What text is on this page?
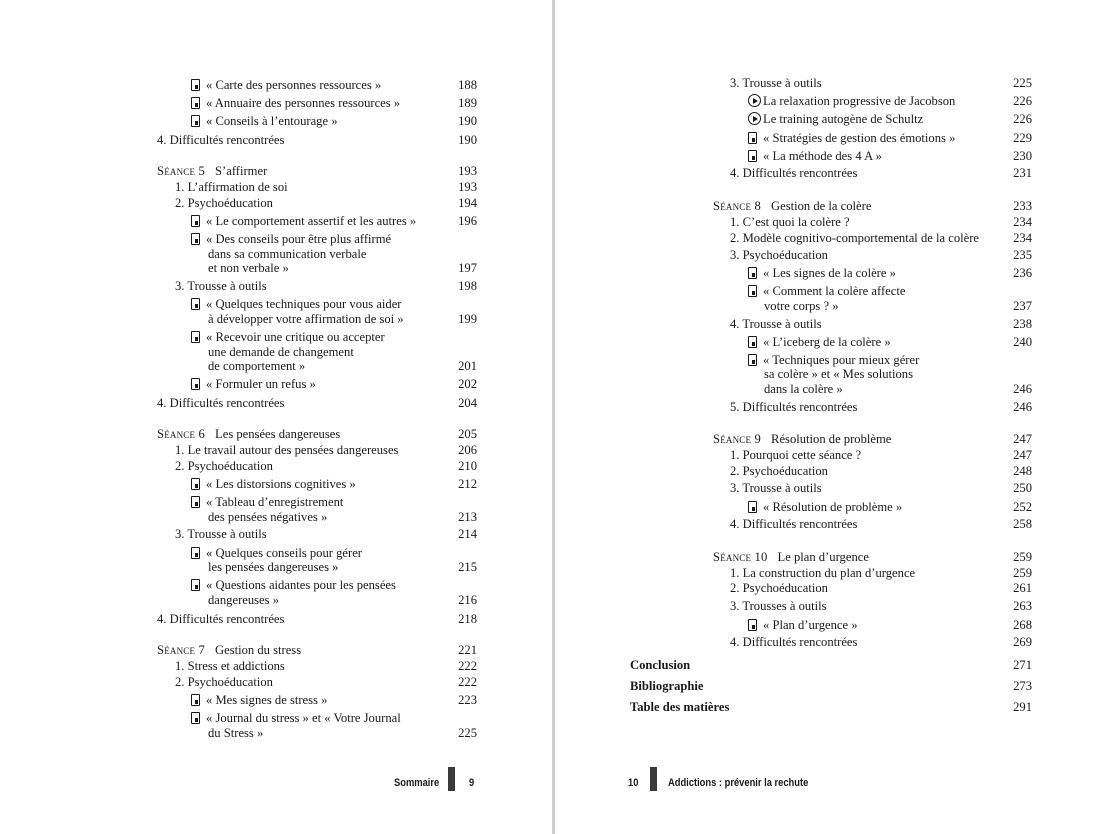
« Carte des personnes ressources »	188
« Annuaire des personnes ressources »	189
« Conseils à l’entourage »	190
4. Difficultés rencontrées	190
Séance 5 S’affirmer	193
1. L’affirmation de soi	193
2. Psychoéducation	194
« Le comportement assertif et les autres »	196
« Des conseils pour être plus affirmé
dans sa communication verbale
et non verbale »	197
3. Trousse à outils	198
« Quelques techniques pour vous aider
à développer votre affirmation de soi »	199
« Recevoir une critique ou accepter
une demande de changement
de comportement »	201
« Formuler un refus »	202
4. Difficultés rencontrées	204
Séance 6 Les pensées dangereuses	205
1. Le travail autour des pensées dangereuses	206
2. Psychoéducation	210
« Les distorsions cognitives »	212
« Tableau d’enregistrement
des pensées négatives »	213
3. Trousse à outils	214
« Quelques conseils pour gérer
les pensées dangereuses »	215
« Questions aidantes pour les pensées
dangereuses »	216
4. Difficultés rencontrées	218
Séance 7 Gestion du stress	221
1. Stress et addictions	222
2. Psychoéducation	222
« Mes signes de stress »	223
« Journal du stress » et « Votre Journal
du Stress »	225
Sommaire	9
3. Trousse à outils	225
La relaxation progressive de Jacobson	226
Le training autogène de Schultz	226
« Stratégies de gestion des émotions »	229
« La méthode des 4 A »	230
4. Difficultés rencontrées	231
Séance 8 Gestion de la colère	233
1. C’est quoi la colère ?	234
2. Modèle cognitivo-comportemental de la colère	234
3. Psychoéducation	235
« Les signes de la colère »	236
« Comment la colère affecte
votre corps ? »	237
4. Trousse à outils	238
« L’iceberg de la colère »	240
« Techniques pour mieux gérer
sa colère » et « Mes solutions
dans la colère »	246
5. Difficultés rencontrées	246
Séance 9 Résolution de problème	247
1. Pourquoi cette séance ?	247
2. Psychoéducation	248
3. Trousse à outils	250
« Résolution de problème »	252
4. Difficultés rencontrées	258
Séance 10 Le plan d’urgence	259
1. La construction du plan d’urgence	259
2. Psychoéducation	261
3. Trousses à outils	263
« Plan d’urgence »	268
4. Difficultés rencontrées	269
Conclusion	271
Bibliographie	273
Table des matières	291
10	Addictions : prévenir la rechute
